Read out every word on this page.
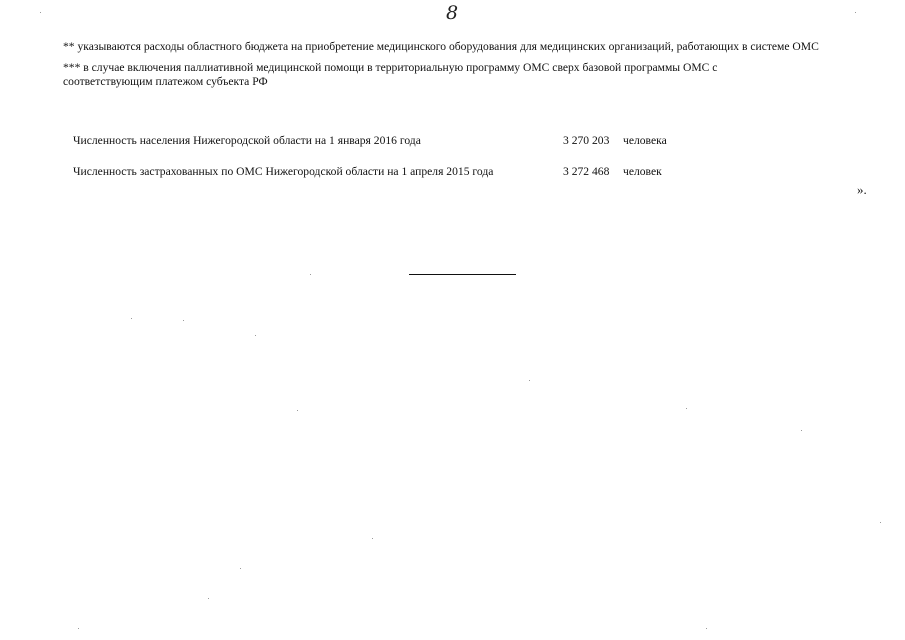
8
** указываются расходы областного бюджета на приобретение медицинского оборудования для медицинских организаций, работающих в системе ОМС
*** в случае включения паллиативной медицинской помощи в территориальную программу ОМС сверх базовой программы ОМС с
соответствующим платежом субъекта РФ
Численность населения Нижегородской области на 1 января 2016 года	3 270 203 человека
Численность застрахованных по ОМС Нижегородской области на 1 апреля 2015 года	3 272 468 человек
».
